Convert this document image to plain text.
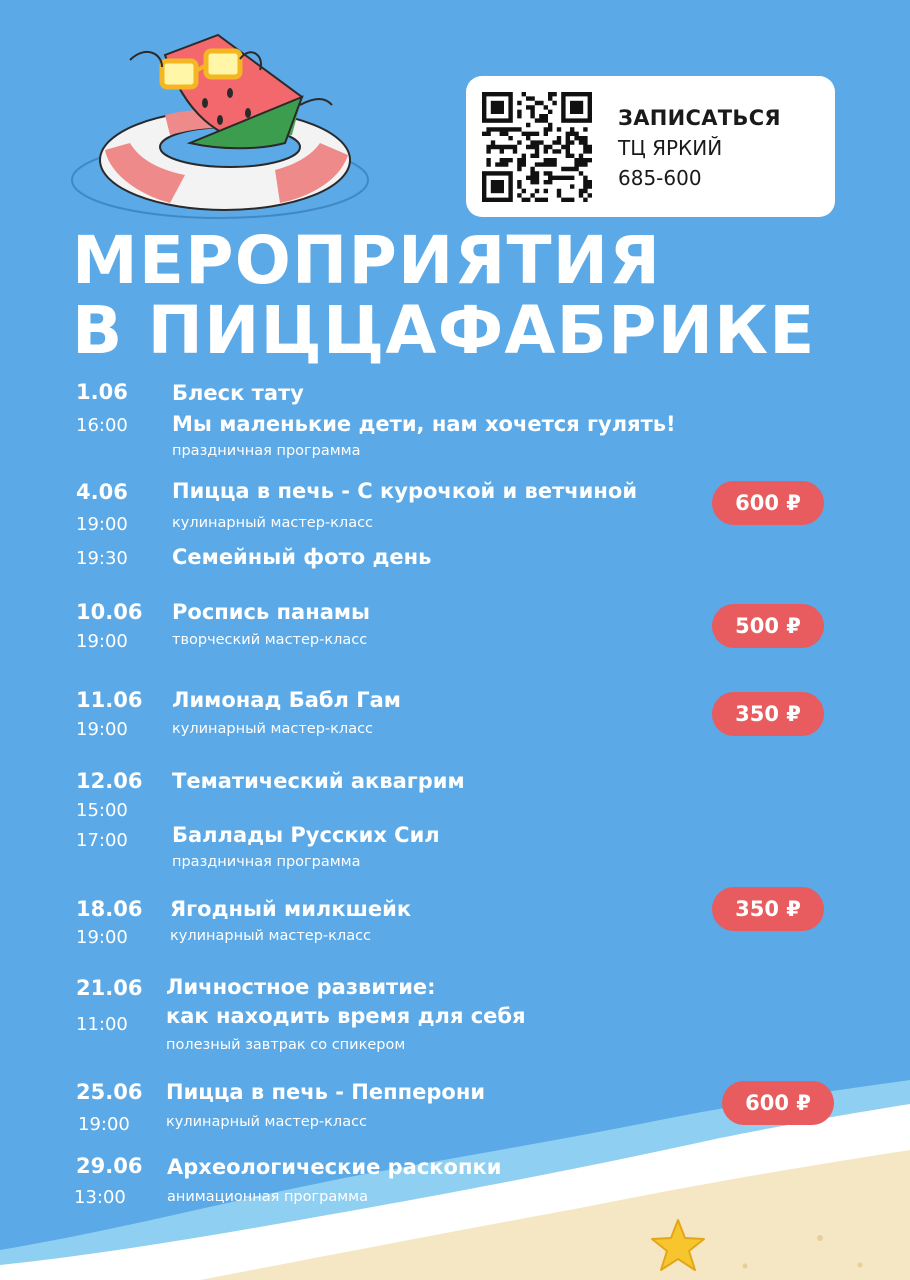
ЗАПИСАТЬСЯ
ТЦ ЯРКИЙ
685-600
МЕРОПРИЯТИЯ
В ПИЦЦАФАБРИКЕ
1.06
16:00
Блеск тату
Мы маленькие дети, нам хочется гулять!
праздничная программа
4.06
19:00
19:30
Пицца в печь - С курочкой и ветчиной
кулинарный мастер-класс
Семейный фото день
600 ₽
10.06
19:00
Роспись панамы
творческий мастер-класс
500 ₽
11.06
19:00
Лимонад Бабл Гам
кулинарный мастер-класс
350 ₽
12.06
15:00
17:00
Тематический аквагрим
Баллады Русских Сил
праздничная программа
18.06
19:00
Ягодный милкшейк
кулинарный мастер-класс
350 ₽
21.06
11:00
Личностное развитие:
как находить время для себя
полезный завтрак со спикером
25.06
19:00
Пицца в печь - Пепперони
кулинарный мастер-класс
600 ₽
29.06
13:00
Археологические раскопки
анимационная программа
